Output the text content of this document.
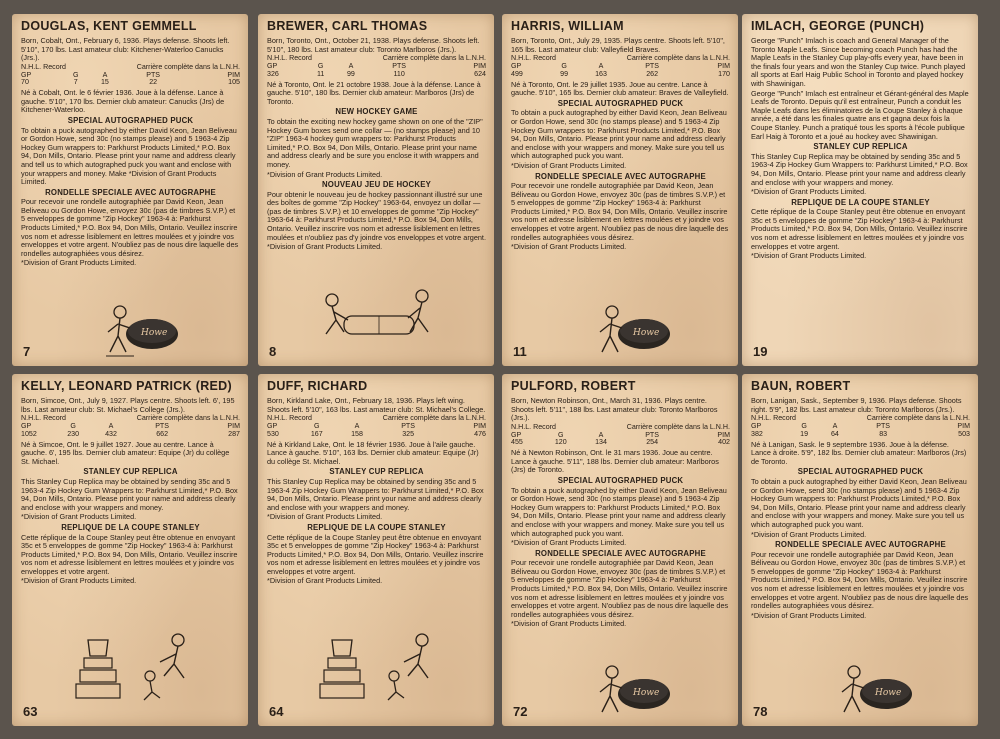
DOUGLAS, KENT GEMMELL

Born, Cobalt, Ont., February 6, 1936. Plays defense. Shoots left. 5'10", 170 lbs. Last amateur club: Kitchener-Waterloo Canucks (Jrs.).

N.H.L. Record		Carrière complète dans la L.N.H.		
GP	G	A	PTS	PIM
70	7	15	22	105

Né à Cobalt, Ont. le 6 février 1936. Joue à la défense. Lance à gauche. 5'10", 170 lbs. Dernier club amateur: Canucks (Jrs) de Kitchener-Waterloo.

SPECIAL AUTOGRAPHED PUCK

To obtain a puck autographed by either David Keon, Jean Beliveau or Gordon Howe, send 30c (no stamps please) and 5 1963-4 Zip Hockey Gum wrappers to: Parkhurst Products Limited,* P.O. Box 94, Don Mills, Ontario. Please print your name and address clearly and tell us to which autographed puck you want and enclose with your wrappers and money. Make *Division of Grant Products Limited.

RONDELLE SPECIALE AVEC AUTOGRAPHE

Pour recevoir une rondelle autographiée par David Keon, Jean Beliveau ou Gordon Howe, envoyez 30c (pas de timbres S.V.P.) et 5 enveloppes de gomme "Zip Hockey" 1963-4 à: Parkhurst Products Limited,* P.O. Box 94, Don Mills, Ontario. Veuillez inscrire vos nom et adresse lisiblement en lettres moulées et y joindre vos enveloppes et votre argent. N'oubliez pas de nous dire laquelle des rondelles autographiées vous désirez.

*Division of Grant Products Limited.

Howe
7
BREWER, CARL THOMAS

Born, Toronto, Ont., October 21, 1938. Plays defense. Shoots left. 5'10", 180 lbs. Last amateur club: Toronto Marlboros (Jrs.).

N.H.L. Record		Carrière complète dans la L.N.H.		
GP	G	A	PTS	PIM
326	11	99	110	624

Né à Toronto, Ont. le 21 octobre 1938. Joue à la défense. Lance à gauche. 5'10", 180 lbs. Dernier club amateur: Marlboros (Jrs) de Toronto.

NEW HOCKEY GAME

To obtain the exciting new hockey game shown on one of the "ZIP" Hockey Gum boxes send one collar — (no stamps please) and 10 "ZIP" 1963-4 hockey gum wrappers to: Parkhurst Products Limited,* P.O. Box 94, Don Mills, Ontario. Please print your name and address clearly and be sure you enclose it with wrappers and money.

*Division of Grant Products Limited.

NOUVEAU JEU DE HOCKEY

Pour obtenir le nouveau jeu de hockey passionnant illustré sur une des boîtes de gomme "Zip Hockey" 1963-64, envoyez un dollar — (pas de timbres S.V.P.) et 10 enveloppes de gomme "Zip Hockey" 1963-64 à: Parkhurst Products Limited,* P.O. Box 94, Don Mills, Ontario. Veuillez inscrire vos nom et adresse lisiblement en lettres moulées et n'oubliez pas d'y joindre vos enveloppes et votre argent.

*Division of Grant Products Limited.

8
HARRIS, WILLIAM

Born, Toronto, Ont., July 29, 1935. Plays centre. Shoots left. 5'10", 165 lbs. Last amateur club: Valleyfield Braves.

N.H.L. Record		Carrière complète dans la L.N.H.		
GP	G	A	PTS	PIM
499	99	163	262	170

Né à Toronto, Ont. le 29 juillet 1935. Joue au centre. Lance à gauche. 5'10", 165 lbs. Dernier club amateur: Braves de Valleyfield.

SPECIAL AUTOGRAPHED PUCK

To obtain a puck autographed by either David Keon, Jean Beliveau or Gordon Howe, send 30c (no stamps please) and 5 1963-4 Zip Hockey Gum wrappers to: Parkhurst Products Limited,* P.O. Box 94, Don Mills, Ontario. Please print your name and address clearly and enclose with your wrappers and money. Make sure you tell us which autographed puck you want.

*Division of Grant Products Limited.

RONDELLE SPECIALE AVEC AUTOGRAPHE

Pour recevoir une rondelle autographiée par David Keon, Jean Béliveau ou Gordon Howe, envoyez 30c (pas de timbres S.V.P.) et 5 enveloppes de gomme "Zip Hockey" 1963-4 à: Parkhurst Products Limited,* P.O. Box 94, Don Mills, Ontario. Veuillez inscrire vos nom et adresse lisiblement en lettres moulées et y joindre vos enveloppes et votre argent. N'oubliez pas de nous dire laquelle des rondelles autographiées vous désirez.

*Division of Grant Products Limited.

Howe
11
IMLACH, GEORGE (PUNCH)

George "Punch" Imlach is coach and General Manager of the Toronto Maple Leafs. Since becoming coach Punch has had the Maple Leafs in the Stanley Cup play-offs every year, have been in the finals four years and won the Stanley Cup twice. Punch played all sports at Earl Haig Public School in Toronto and played hockey with Shawinigan.

George "Punch" Imlach est entraîneur et Gérant-général des Maple Leafs de Toronto. Depuis qu'il est entraîneur, Punch a conduit les Maple Leafs dans les éliminatoires de la Coupe Stanley à chaque année, a été dans les finales quatre ans et gagna deux fois la Coupe Stanley. Punch a pratiqué tous les sports à l'école publique Earl Haig à Toronto et a joué au hockey avec Shawinigan.

STANLEY CUP REPLICA

This Stanley Cup Replica may be obtained by sending 35c and 5 1963-4 Zip Hockey Gum Wrappers to: Parkhurst Limited,* P.O. Box 94, Don Mills, Ontario. Please print your name and address clearly and enclose with your wrappers and money.

*Division of Grant Products Limited.

REPLIQUE DE LA COUPE STANLEY

Cette réplique de la Coupe Stanley peut être obtenue en envoyant 35c et 5 enveloppes de gomme "Zip Hockey" 1963-4 à: Parkhurst Products Limited,* P.O. Box 94, Don Mills, Ontario. Veuillez inscrire vos nom et adresse lisiblement en lettres moulées et y joindre vos enveloppes et votre argent.

*Division of Grant Products Limited.

19
KELLY, LEONARD PATRICK (RED)

Born, Simcoe, Ont., July 9, 1927. Plays centre. Shoots left. 6', 195 lbs. Last amateur club: St. Michael's College (Jrs.).

N.H.L. Record		Carrière complète dans la L.N.H.		
GP	G	A	PTS	PIM
1052	230	432	662	287

Né à Simcoe, Ont. le 9 juillet 1927. Joue au centre. Lance à gauche. 6', 195 lbs. Dernier club amateur: Equipe (Jr) du collège St. Michael.

STANLEY CUP REPLICA

This Stanley Cup Replica may be obtained by sending 35c and 5 1963-4 Zip Hockey Gum Wrappers to: Parkhurst Limited,* P.O. Box 94, Don Mills, Ontario. Please print your name and address clearly and enclose with your wrappers and money.

*Division of Grant Products Limited.

REPLIQUE DE LA COUPE STANLEY

Cette réplique de la Coupe Stanley peut être obtenue en envoyant 35c et 5 enveloppes de gomme "Zip Hockey" 1963-4 à: Parkhurst Products Limited,* P.O. Box 94, Don Mills, Ontario. Veuillez inscrire vos nom et adresse lisiblement en lettres moulées et y joindre vos enveloppes et votre argent.

*Division of Grant Products Limited.

63
DUFF, RICHARD

Born, Kirkland Lake, Ont., February 18, 1936. Plays left wing. Shoots left. 5'10", 163 lbs. Last amateur club: St. Michael's College.

N.H.L. Record		Carrière complète dans la L.N.H.		
GP	G	A	PTS	PIM
530	167	158	325	476

Né à Kirkland Lake, Ont. le 18 février 1936. Joue à l'aile gauche. Lance à gauche. 5'10", 163 lbs. Dernier club amateur: Equipe (Jr) du collège St. Michael.

STANLEY CUP REPLICA

This Stanley Cup Replica may be obtained by sending 35c and 5 1963-4 Zip Hockey Gum Wrappers to: Parkhurst Limited,* P.O. Box 94, Don Mills, Ontario. Please print your name and address clearly and enclose with your wrappers and money.

*Division of Grant Products Limited.

REPLIQUE DE LA COUPE STANLEY

Cette réplique de la Coupe Stanley peut être obtenue en envoyant 35c et 5 enveloppes de gomme "Zip Hockey" 1963-4 à: Parkhurst Products Limited,* P.O. Box 94, Don Mills, Ontario. Veuillez inscrire vos nom et adresse lisiblement en lettres moulées et y joindre vos enveloppes et votre argent.

*Division of Grant Products Limited.

64
PULFORD, ROBERT

Born, Newton Robinson, Ont., March 31, 1936. Plays centre. Shoots left. 5'11", 188 lbs. Last amateur club: Toronto Marlboros (Jrs.).

N.H.L. Record		Carrière complète dans la L.N.H.		
GP	G	A	PTS	PIM
455	120	134	254	402

Né à Newton Robinson, Ont. le 31 mars 1936. Joue au centre. Lance à gauche. 5'11", 188 lbs. Dernier club amateur: Marlboros (Jrs) de Toronto.

SPECIAL AUTOGRAPHED PUCK

To obtain a puck autographed by either David Keon, Jean Beliveau or Gordon Howe, send 30c (no stamps please) and 5 1963-4 Zip Hockey Gum wrappers to: Parkhurst Products Limited,* P.O. Box 94, Don Mills, Ontario. Please print your name and address clearly and enclose with your wrappers and money. Make sure you tell us which autographed puck you want.

*Division of Grant Products Limited.

RONDELLE SPECIALE AVEC AUTOGRAPHE

Pour recevoir une rondelle autographiée par David Keon, Jean Béliveau ou Gordon Howe, envoyez 30c (pas de timbres S.V.P.) et 5 enveloppes de gomme "Zip Hockey" 1963-4 à: Parkhurst Products Limited,* P.O. Box 94, Don Mills, Ontario. Veuillez inscrire vos nom et adresse lisiblement en lettres moulées et y joindre vos enveloppes et votre argent. N'oubliez pas de nous dire laquelle des rondelles autographiées vous désirez.

*Division of Grant Products Limited.

Howe
72
BAUN, ROBERT

Born, Lanigan, Sask., September 9, 1936. Plays defense. Shoots right. 5'9", 182 lbs. Last amateur club: Toronto Marlboros (Jrs.).

N.H.L. Record		Carrière complète dans la L.N.H.		
GP	G	A	PTS	PIM
382	19	64	83	503

Né à Lanigan, Sask. le 9 septembre 1936. Joue à la défense. Lance à droite. 5'9", 182 lbs. Dernier club amateur: Marlboros (Jrs) de Toronto.

SPECIAL AUTOGRAPHED PUCK

To obtain a puck autographed by either David Keon, Jean Beliveau or Gordon Howe, send 30c (no stamps please) and 5 1963-4 Zip Hockey Gum wrappers to: Parkhurst Products Limited,* P.O. Box 94, Don Mills, Ontario. Please print your name and address clearly and enclose with your wrappers and money. Make sure you tell us which autographed puck you want.

*Division of Grant Products Limited.

RONDELLE SPECIALE AVEC AUTOGRAPHE

Pour recevoir une rondelle autographiée par David Keon, Jean Béliveau ou Gordon Howe, envoyez 30c (pas de timbres S.V.P.) et 5 enveloppes de gomme "Zip Hockey" 1963-4 à: Parkhurst Products Limited,* P.O. Box 94, Don Mills, Ontario. Veuillez inscrire vos nom et adresse lisiblement en lettres moulées et y joindre vos enveloppes et votre argent. N'oubliez pas de nous dire laquelle des rondelles autographiées vous désirez.

*Division of Grant Products Limited.

Howe
78
